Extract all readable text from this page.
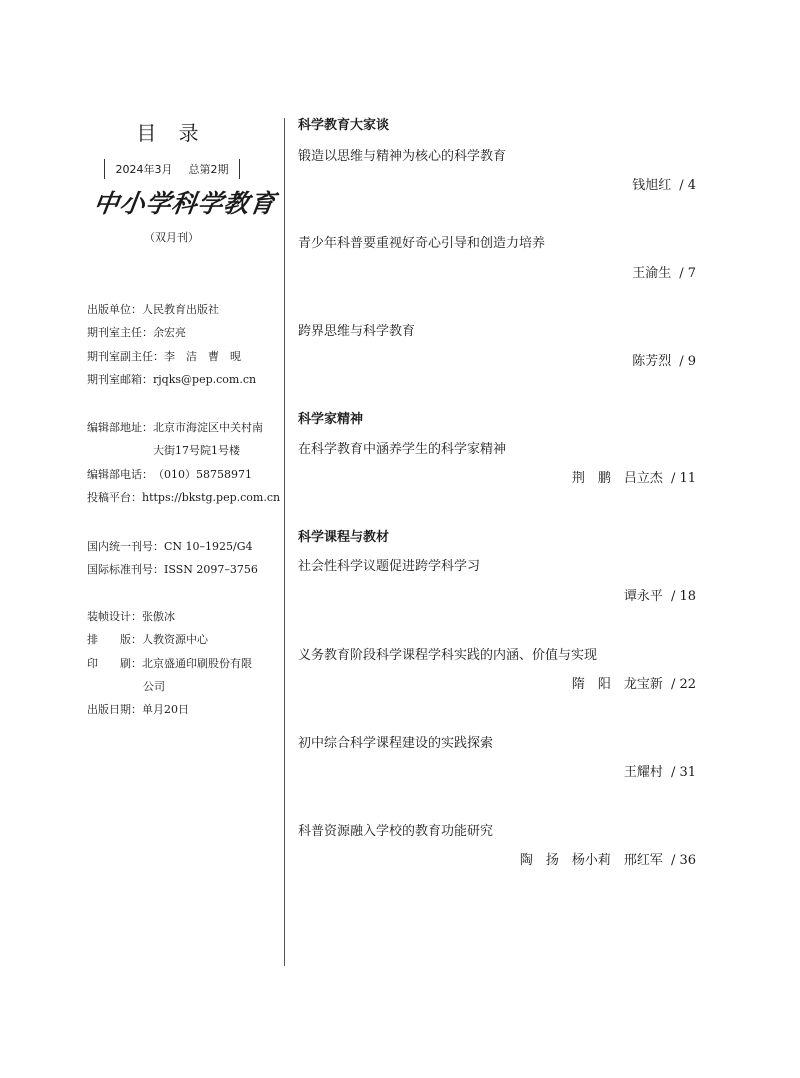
目 录
2024年3月 总第2期
中小学科学教育
（双月刊）
出版单位：人民教育出版社
期刊室主任：余宏亮
期刊室副主任：李　洁　曹　晛
期刊室邮箱：rjqks@pep.com.cn
编辑部地址：北京市海淀区中关村南
大街17号院1号楼
编辑部电话：（010）58758971
投稿平台：https://bkstg.pep.com.cn
国内统一刊号：CN 10–1925/G4
国际标准刊号：ISSN 2097–3756
装帧设计：张傲冰
排　　版：人教资源中心
印　　刷：北京盛通印刷股份有限
公司
出版日期：单月20日
科学教育大家谈
锻造以思维与精神为核心的科学教育
钱旭红 / 4
青少年科普要重视好奇心引导和创造力培养
王渝生 / 7
跨界思维与科学教育
陈芳烈 / 9
科学家精神
在科学教育中涵养学生的科学家精神
荆　鹏　吕立杰 / 11
科学课程与教材
社会性科学议题促进跨学科学习
谭永平 / 18
义务教育阶段科学课程学科实践的内涵、价值与实现
隋　阳　龙宝新 / 22
初中综合科学课程建设的实践探索
王耀村 / 31
科普资源融入学校的教育功能研究
陶　扬　杨小莉　邢红军 / 36
